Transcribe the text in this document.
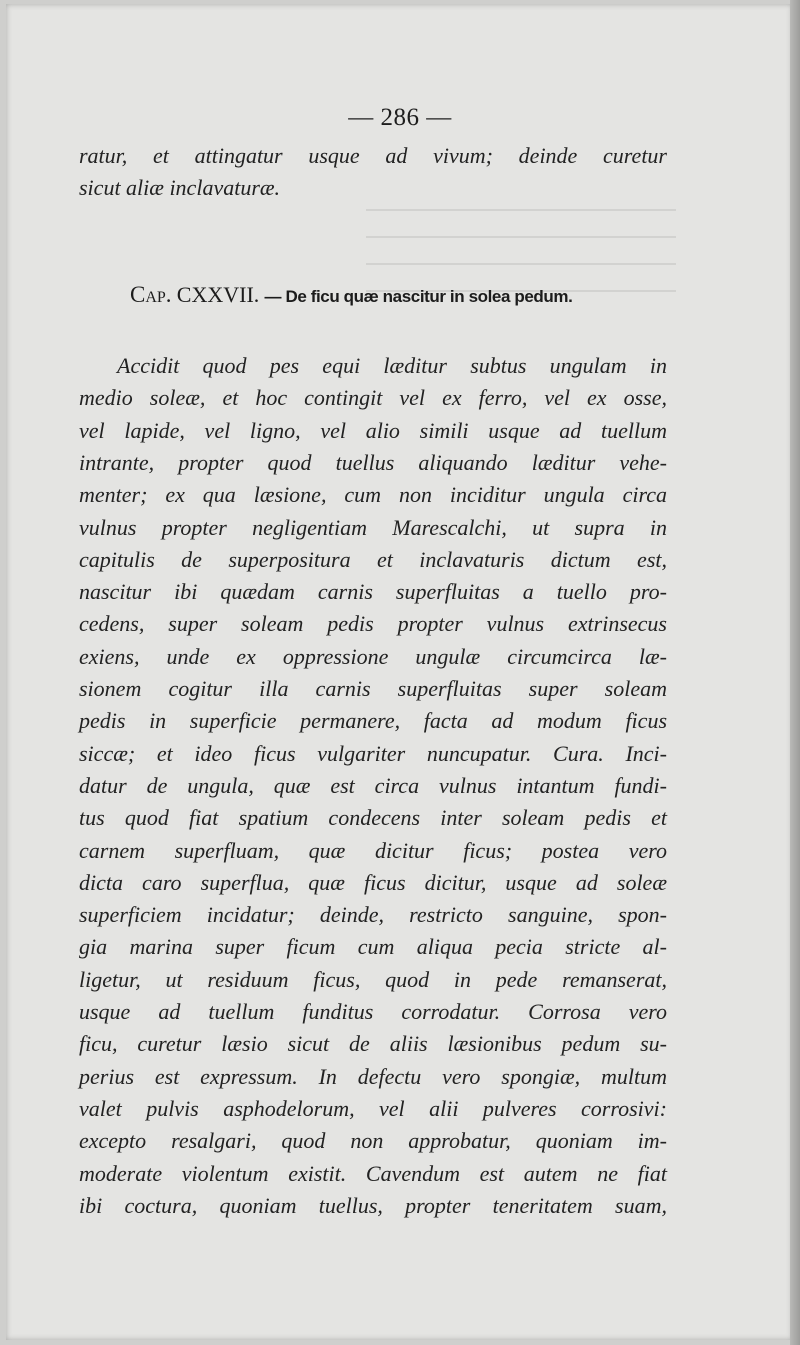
— 286 —

ratur, et attingatur usque ad vivum; deinde curetur

sicut aliæ inclavaturæ.

Cap. CXXVII. — De ficu quæ nascitur in solea pedum.

Accidit quod pes equi læditur subtus ungulam in

medio soleæ, et hoc contingit vel ex ferro, vel ex osse,

vel lapide, vel ligno, vel alio simili usque ad tuellum

intrante, propter quod tuellus aliquando læditur vehe-

menter; ex qua læsione, cum non inciditur ungula circa

vulnus propter negligentiam Marescalchi, ut supra in

capitulis de superpositura et inclavaturis dictum est,

nascitur ibi quædam carnis superfluitas a tuello pro-

cedens, super soleam pedis propter vulnus extrinsecus

exiens, unde ex oppressione ungulæ circumcirca læ-

sionem cogitur illa carnis superfluitas super soleam

pedis in superficie permanere, facta ad modum ficus

siccæ; et ideo ficus vulgariter nuncupatur. Cura. Inci-

datur de ungula, quæ est circa vulnus intantum fundi-

tus quod fiat spatium condecens inter soleam pedis et

carnem superfluam, quæ dicitur ficus; postea vero

dicta caro superflua, quæ ficus dicitur, usque ad soleæ

superficiem incidatur; deinde, restricto sanguine, spon-

gia marina super ficum cum aliqua pecia stricte al-

ligetur, ut residuum ficus, quod in pede remanserat,

usque ad tuellum funditus corrodatur. Corrosa vero

ficu, curetur læsio sicut de aliis læsionibus pedum su-

perius est expressum. In defectu vero spongiæ, multum

valet pulvis asphodelorum, vel alii pulveres corrosivi:

excepto resalgari, quod non approbatur, quoniam im-

moderate violentum existit. Cavendum est autem ne fiat

ibi coctura, quoniam tuellus, propter teneritatem suam,
